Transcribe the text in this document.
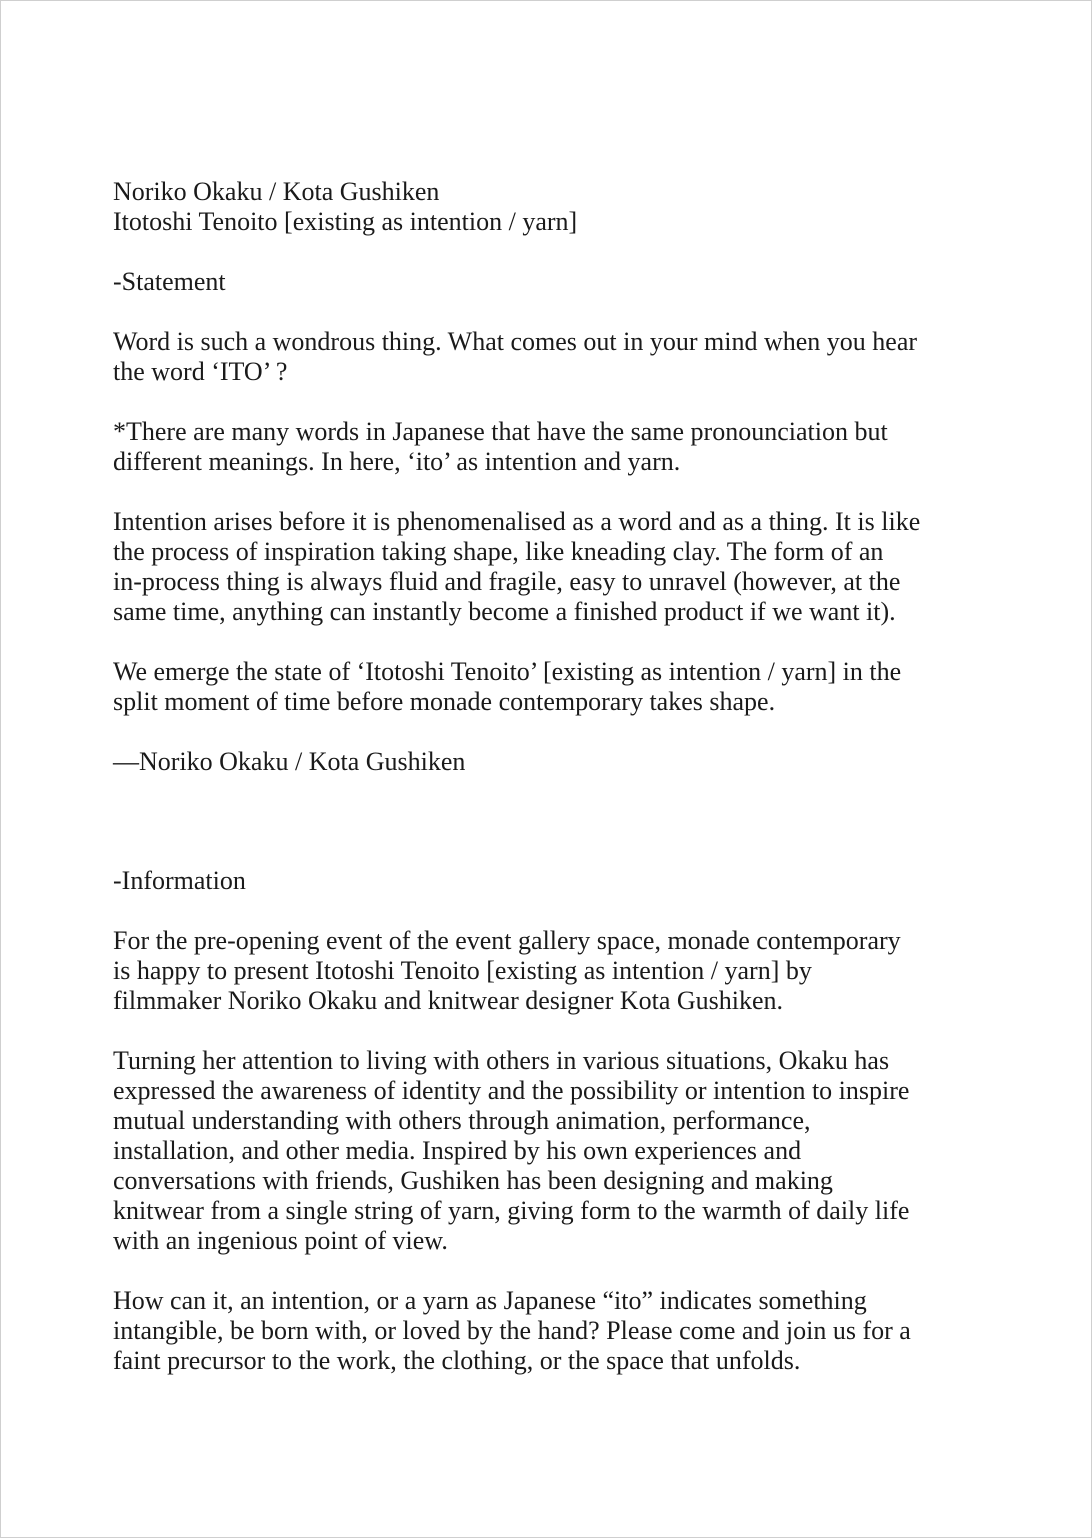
Noriko Okaku / Kota Gushiken
Itotoshi Tenoito [existing as intention / yarn]
-Statement
Word is such a wondrous thing. What comes out in your mind when you hear
the word ‘ITO’ ?
*There are many words in Japanese that have the same pronounciation but
different meanings. In here, ‘ito’ as intention and yarn.
Intention arises before it is phenomenalised as a word and as a thing. It is like
the process of inspiration taking shape, like kneading clay. The form of an
in-process thing is always fluid and fragile, easy to unravel (however, at the
same time, anything can instantly become a finished product if we want it).
We emerge the state of ‘Itotoshi Tenoito’ [existing as intention / yarn] in the
split moment of time before monade contemporary takes shape.
—Noriko Okaku / Kota Gushiken
-Information
For the pre-opening event of the event gallery space, monade contemporary
is happy to present Itotoshi Tenoito [existing as intention / yarn] by
filmmaker Noriko Okaku and knitwear designer Kota Gushiken.
Turning her attention to living with others in various situations, Okaku has
expressed the awareness of identity and the possibility or intention to inspire
mutual understanding with others through animation, performance,
installation, and other media. Inspired by his own experiences and
conversations with friends, Gushiken has been designing and making
knitwear from a single string of yarn, giving form to the warmth of daily life
with an ingenious point of view.
How can it, an intention, or a yarn as Japanese “ito” indicates something
intangible, be born with, or loved by the hand? Please come and join us for a
faint precursor to the work, the clothing, or the space that unfolds.
